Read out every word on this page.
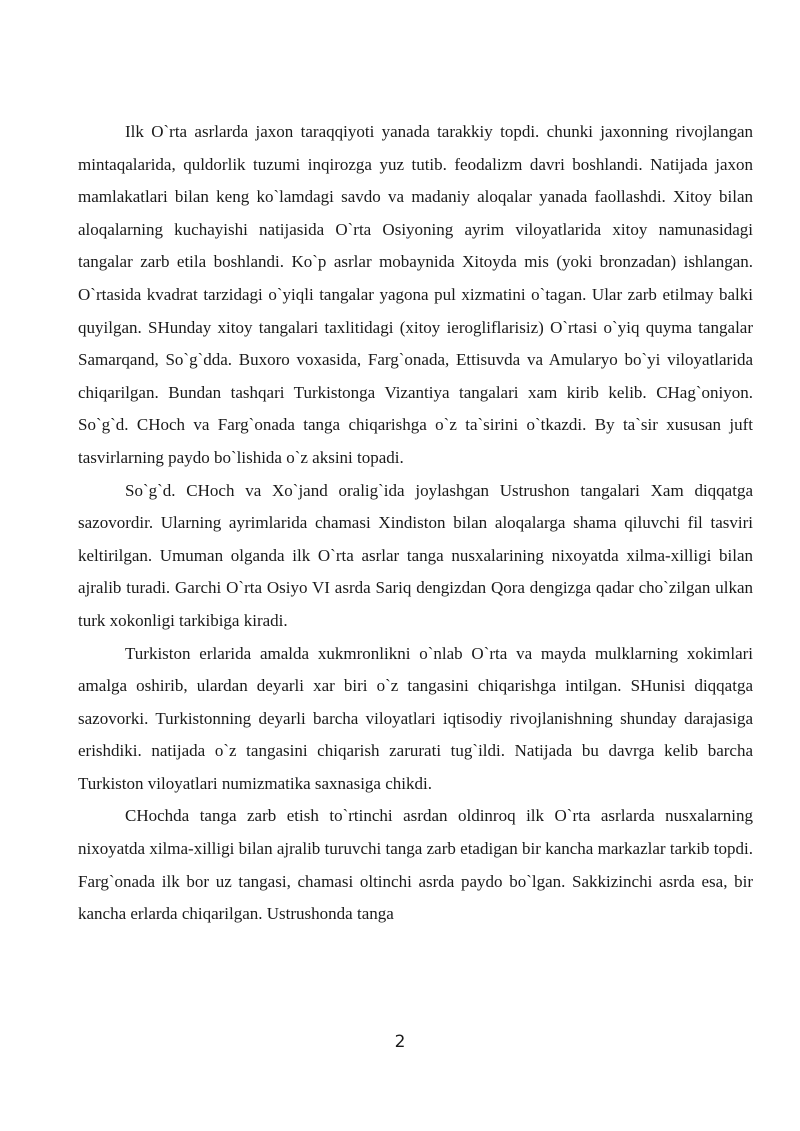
Ilk O`rta asrlarda jaxon taraqqiyoti yanada tarakkiy topdi. chunki jaxonning rivojlangan mintaqalarida, quldorlik tuzumi inqirozga yuz tutib. feodalizm davri boshlandi. Natijada jaxon mamlakatlari bilan keng ko`lamdagi savdo va madaniy aloqalar yanada faollashdi. Xitoy bilan aloqalarning kuchayishi natijasida O`rta Osiyoning ayrim viloyatlarida xitoy namunasidagi tangalar zarb etila boshlandi. Ko`p asrlar mobaynida Xitoyda mis (yoki bronzadan) ishlangan. O`rtasida kvadrat tarzidagi o`yiqli tangalar yagona pul xizmatini o`tagan. Ular zarb etilmay balki quyilgan. SHunday xitoy tangalari taxlitidagi (xitoy ierogliflarisiz) O`rtasi o`yiq quyma tangalar Samarqand, So`g`dda. Buxoro voxasida, Farg`onada, Ettisuvda va Amularyo bo`yi viloyatlarida chiqarilgan. Bundan tashqari Turkistonga Vizantiya tangalari xam kirib kelib. CHag`oniyon. So`g`d. CHoch va Farg`onada tanga chiqarishga o`z ta`sirini o`tkazdi. By ta`sir xususan juft tasvirlarning paydo bo`lishida o`z aksini topadi.

So`g`d. CHoch va Xo`jand oralig`ida joylashgan Ustrushon tangalari Xam diqqatga sazovordir. Ularning ayrimlarida chamasi Xindiston bilan aloqalarga shama qiluvchi fil tasviri keltirilgan. Umuman olganda ilk O`rta asrlar tanga nusxalarining nixoyatda xilma-xilligi bilan ajralib turadi. Garchi O`rta Osiyo VI asrda Sariq dengizdan Qora dengizga qadar cho`zilgan ulkan turk xokonligi tarkibiga kiradi.

Turkiston erlarida amalda xukmronlikni o`nlab O`rta va mayda mulklarning xokimlari amalga oshirib, ulardan deyarli xar biri o`z tangasini chiqarishga intilgan. SHunisi diqqatga sazovorki. Turkistonning deyarli barcha viloyatlari iqtisodiy rivojlanishning shunday darajasiga erishdiki. natijada o`z tangasini chiqarish zarurati tug`ildi. Natijada bu davrga kelib barcha Turkiston viloyatlari numizmatika saxnasiga chikdi.

CHochda tanga zarb etish to`rtinchi asrdan oldinroq ilk O`rta asrlarda nusxalarning nixoyatda xilma-xilligi bilan ajralib turuvchi tanga zarb etadigan bir kancha markazlar tarkib topdi. Farg`onada ilk bor uz tangasi, chamasi oltinchi asrda paydo bo`lgan. Sakkizinchi asrda esa, bir kancha erlarda chiqarilgan. Ustrushonda tanga

2
